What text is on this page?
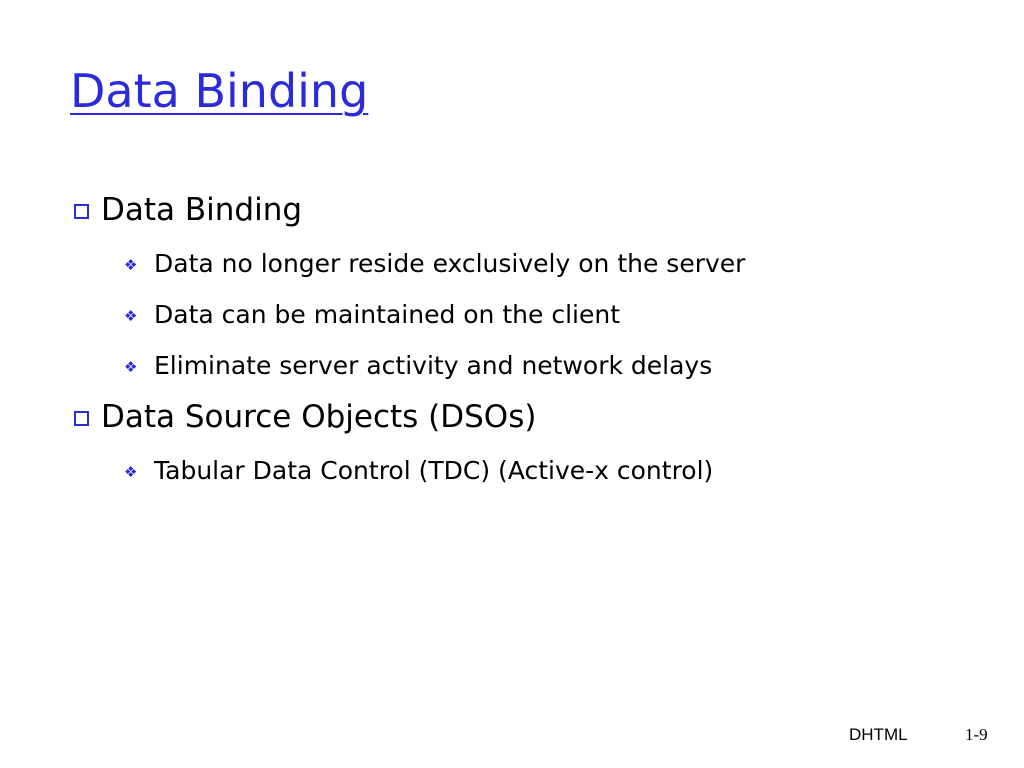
Data Binding
Data Binding
❖ Data no longer reside exclusively on the server
❖ Data can be maintained on the client
❖ Eliminate server activity and network delays
Data Source Objects (DSOs)
❖ Tabular Data Control (TDC) (Active-x control)
DHTML	1-9
